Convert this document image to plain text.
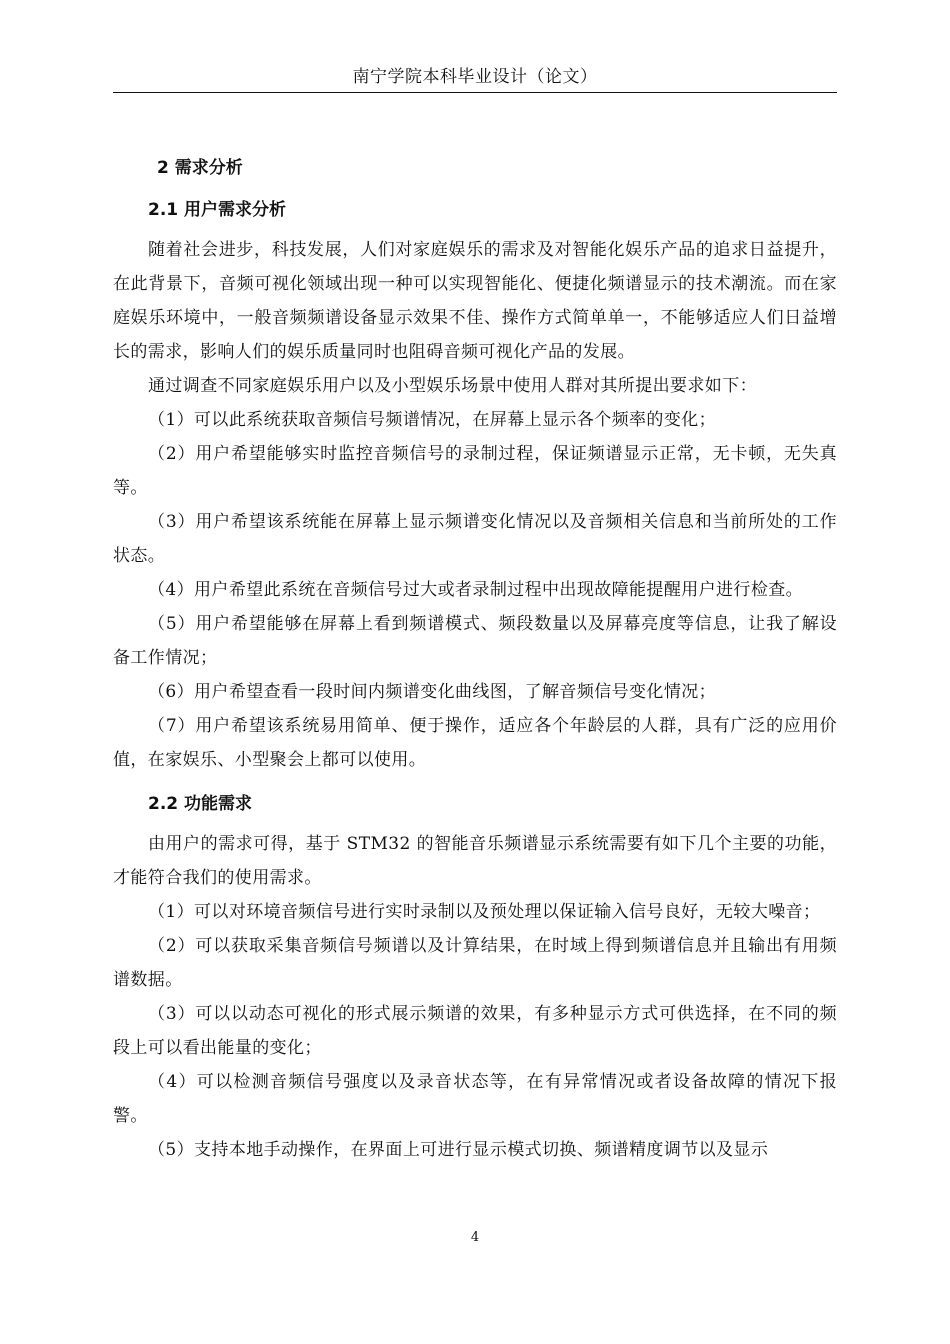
南宁学院本科毕业设计（论文）
2 需求分析
2.1 用户需求分析

随着社会进步，科技发展，人们对家庭娱乐的需求及对智能化娱乐产品的追求日益提升，在此背景下，音频可视化领域出现一种可以实现智能化、便捷化频谱显示的技术潮流。而在家庭娱乐环境中，一般音频频谱设备显示效果不佳、操作方式简单单一，不能够适应人们日益增长的需求，影响人们的娱乐质量同时也阻碍音频可视化产品的发展。

通过调查不同家庭娱乐用户以及小型娱乐场景中使用人群对其所提出要求如下：

（1）可以此系统获取音频信号频谱情况，在屏幕上显示各个频率的变化；

（2）用户希望能够实时监控音频信号的录制过程，保证频谱显示正常，无卡顿，无失真等。

（3）用户希望该系统能在屏幕上显示频谱变化情况以及音频相关信息和当前所处的工作状态。

（4）用户希望此系统在音频信号过大或者录制过程中出现故障能提醒用户进行检查。

（5）用户希望能够在屏幕上看到频谱模式、频段数量以及屏幕亮度等信息，让我了解设备工作情况；

（6）用户希望查看一段时间内频谱变化曲线图，了解音频信号变化情况；

（7）用户希望该系统易用简单、便于操作，适应各个年龄层的人群，具有广泛的应用价值，在家娱乐、小型聚会上都可以使用。

2.2 功能需求

由用户的需求可得，基于 STM32 的智能音乐频谱显示系统需要有如下几个主要的功能，才能符合我们的使用需求。

（1）可以对环境音频信号进行实时录制以及预处理以保证输入信号良好，无较大噪音；

（2）可以获取采集音频信号频谱以及计算结果，在时域上得到频谱信息并且输出有用频谱数据。

（3）可以以动态可视化的形式展示频谱的效果，有多种显示方式可供选择，在不同的频段上可以看出能量的变化；

（4）可以检测音频信号强度以及录音状态等，在有异常情况或者设备故障的情况下报警。

（5）支持本地手动操作，在界面上可进行显示模式切换、频谱精度调节以及显示

4
